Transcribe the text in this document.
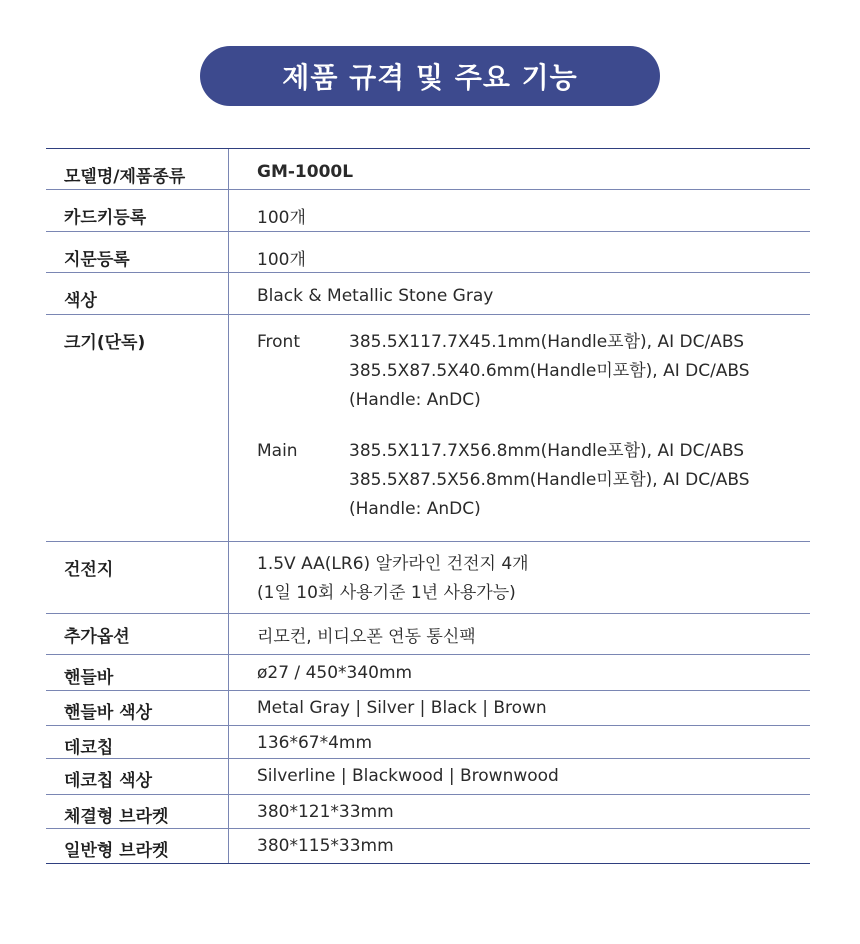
제품 규격 및 주요 기능
모델명/제품종류	GM-1000L
카드키등록	100개
지문등록	100개
색상	Black & Metallic Stone Gray
크기(단독)	Front	385.5X117.7X45.1mm(Handle포함), AI DC/ABS
385.5X87.5X40.6mm(Handle미포함), AI DC/ABS
(Handle: AnDC)
Main	385.5X117.7X56.8mm(Handle포함), AI DC/ABS
385.5X87.5X56.8mm(Handle미포함), AI DC/ABS
(Handle: AnDC)
건전지	1.5V AA(LR6) 알카라인 건전지 4개
(1일 10회 사용기준 1년 사용가능)
추가옵션	리모컨, 비디오폰 연동 통신팩
핸들바	ø27 / 450*340mm
핸들바 색상	Metal Gray | Silver | Black | Brown
데코칩	136*67*4mm
데코칩 색상	Silverline | Blackwood | Brownwood
체결형 브라켓	380*121*33mm
일반형 브라켓	380*115*33mm
